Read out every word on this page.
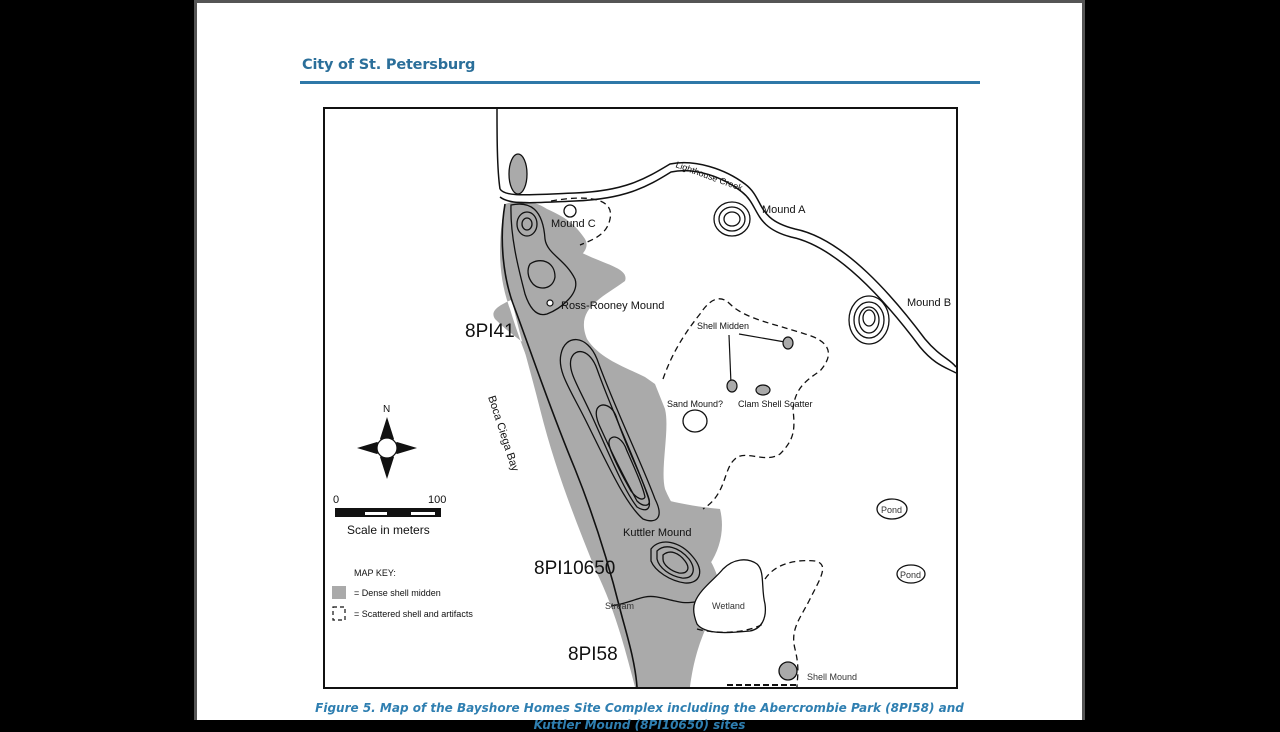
City of St. Petersburg
Lighthouse Creek
Mound A
Mound B
Mound C
Ross-Rooney Mound
Shell Midden
Sand Mound? Clam Shell Scatter
Kuttler Mound
Stream	Wetland
Shell Mound
Pond
Pond
8PI41
8PI10650
8PI58
Boca Ciega Bay
N
0	100
Scale in meters
MAP KEY:
= Dense shell midden
= Scattered shell and artifacts
Figure 5. Map of the Bayshore Homes Site Complex including the Abercrombie Park (8PI58) and
Kuttler Mound (8PI10650) sites
